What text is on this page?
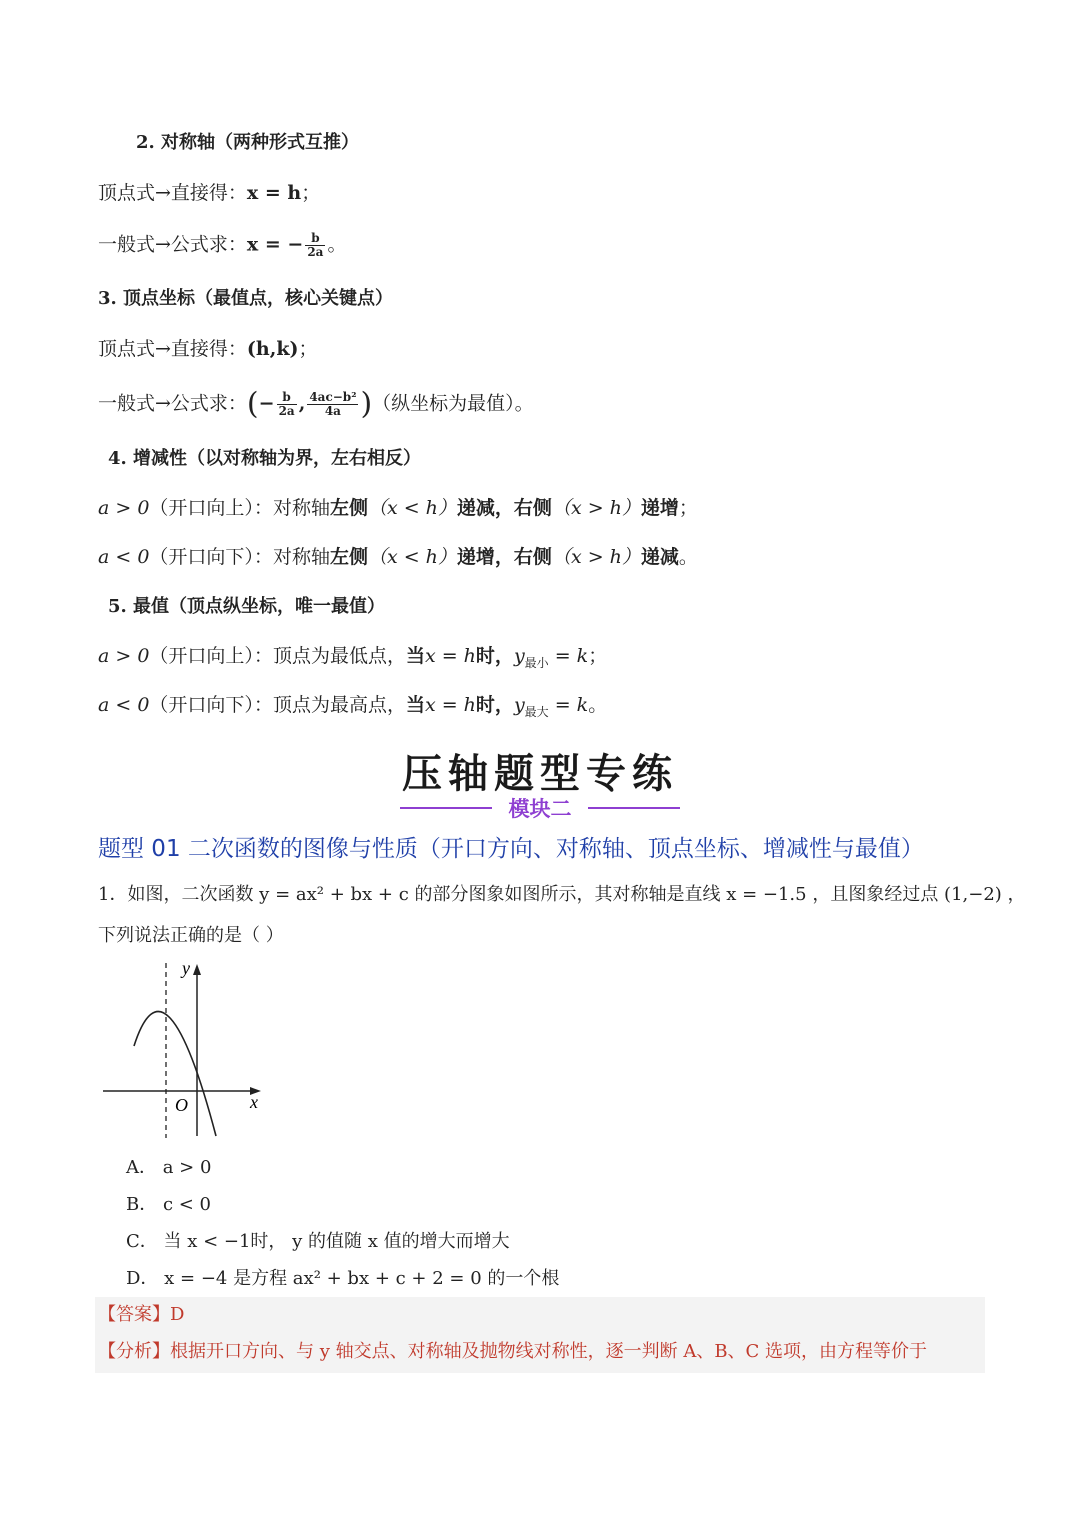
2. 对称轴（两种形式互推）
顶点式→直接得：x = h；
一般式→公式求：x = − $\frac{b}{2a}$ 。
3. 顶点坐标（最值点，核心关键点）
顶点式→直接得：(h,k)；
一般式→公式求：(− $\frac{b}{2a}$ , $\frac{\text{4ac−b²}}{4a}$ )（纵坐标为最值）。
4. 增减性（以对称轴为界，左右相反）
a > 0（开口向上）：对称轴左侧（x < h）递减，右侧（x > h）递增；
a < 0（开口向下）：对称轴左侧（x < h）递增，右侧（x > h）递减。
5. 最值（顶点纵坐标，唯一最值）
a > 0（开口向上）：顶点为最低点，当x = h时，$y_{最小} = k$；
a < 0（开口向下）：顶点为最高点，当x = h时，$y_{最大} = k$。
压轴题型专练
模块二
题型 01 二次函数的图像与性质（开口方向、对称轴、顶点坐标、增减性与最值）
1．如图，二次函数 y = ax² + bx + c 的部分图象如图所示，其对称轴是直线 x = −1.5 ，且图象经过点 (1,−2) ，
下列说法正确的是（ ）
y
x
O
A． a > 0
B． c < 0
C． 当 x < −1时， y 的值随 x 值的增大而增大
D． x = −4 是方程 ax² + bx + c + 2 = 0 的一个根
【答案】D
【分析】根据开口方向、与 y 轴交点、对称轴及抛物线对称性，逐一判断 A、B、C 选项，由方程等价于
